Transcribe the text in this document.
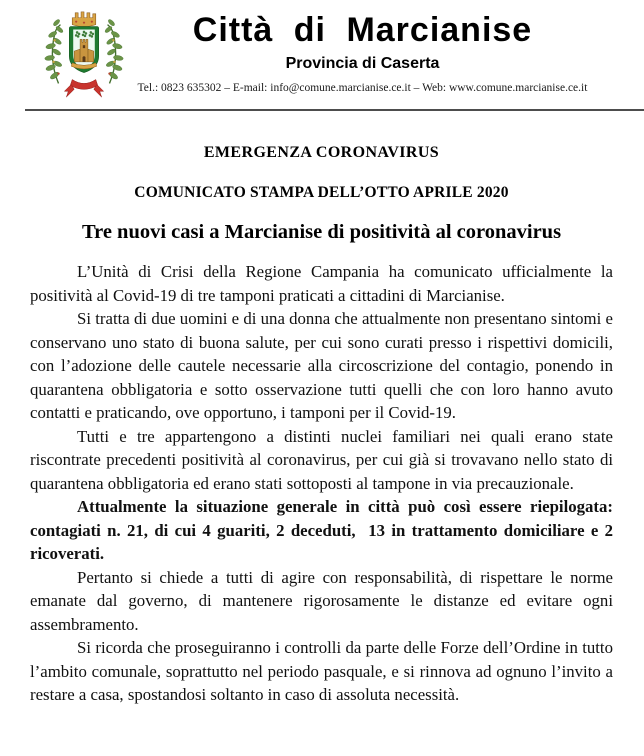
Città di Marcianise
Provincia di Caserta
Tel.: 0823 635302 – E-mail: info@comune.marcianise.ce.it – Web: www.comune.marcianise.ce.it
EMERGENZA CORONAVIRUS
COMUNICATO STAMPA DELL’OTTO APRILE 2020
Tre nuovi casi a Marcianise di positività al coronavirus

L’Unità di Crisi della Regione Campania ha comunicato ufficialmente la positività al Covid-19 di tre tamponi praticati a cittadini di Marcianise.

Si tratta di due uomini e di una donna che attualmente non presentano sintomi e conservano uno stato di buona salute, per cui sono curati presso i rispettivi domicili, con l’adozione delle cautele necessarie alla circoscrizione del contagio, ponendo in quarantena obbligatoria e sotto osservazione tutti quelli che con loro hanno avuto contatti e praticando, ove opportuno, i tamponi per il Covid-19.

Tutti e tre appartengono a distinti nuclei familiari nei quali erano state riscontrate precedenti positività al coronavirus, per cui già si trovavano nello stato di quarantena obbligatoria ed erano stati sottoposti al tampone in via precauzionale.

Attualmente la situazione generale in città può così essere riepilogata: contagiati n. 21, di cui 4 guariti, 2 deceduti,  13 in trattamento domiciliare e 2 ricoverati.

Pertanto si chiede a tutti di agire con responsabilità, di rispettare le norme emanate dal governo, di mantenere rigorosamente le distanze ed evitare ogni assembramento.

Si ricorda che proseguiranno i controlli da parte delle Forze dell’Ordine in tutto l’ambito comunale, soprattutto nel periodo pasquale, e si rinnova ad ognuno l’invito a restare a casa, spostandosi soltanto in caso di assoluta necessità.
